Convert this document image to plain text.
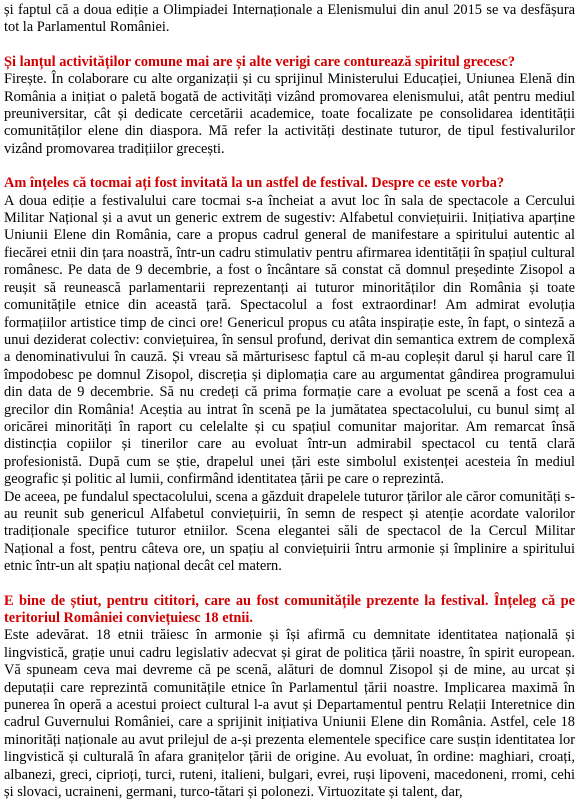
și faptul că a doua ediție a Olimpiadei Internaționale a Elenismului din anul 2015 se va desfășura tot la Parlamentul României.

Și lanțul activităților comune mai are și alte verigi care conturează spiritul grecesc?

Firește. În colaborare cu alte organizații și cu sprijinul Ministerului Educației, Uniunea Elenă din România a inițiat o paletă bogată de activități vizând promovarea elenismului, atât pentru mediul preuniversitar, cât și dedicate cercetării academice, toate focalizate pe consolidarea identității comunităților elene din diaspora. Mă refer la activități destinate tuturor, de tipul festivalurilor vizând promovarea tradițiilor grecești.

Am înțeles că tocmai ați fost invitată la un astfel de festival. Despre ce este vorba?

A doua ediție a festivalului care tocmai s-a încheiat a avut loc în sala de spectacole a Cercului Militar Național și a avut un generic extrem de sugestiv: Alfabetul conviețuirii. Inițiativa aparține Uniunii Elene din România, care a propus cadrul general de manifestare a spiritului autentic al fiecărei etnii din țara noastră, într-un cadru stimulativ pentru afirmarea identității în spațiul cultural românesc. Pe data de 9 decembrie, a fost o încântare să constat că domnul președinte Zisopol a reușit să reunească parlamentarii reprezentanți ai tuturor minorităților din România și toate comunitățile etnice din această țară. Spectacolul a fost extraordinar! Am admirat evoluția formațiilor artistice timp de cinci ore! Genericul propus cu atâta inspirație este, în fapt, o sinteză a unui deziderat colectiv: conviețuirea, în sensul profund, derivat din semantica extrem de complexă a denominativului în cauză. Și vreau să mărturisesc faptul că m-au copleșit darul și harul care îl împodobesc pe domnul Zisopol, discreția și diplomația care au argumentat gândirea programului din data de 9 decembrie. Să nu credeți că prima formație care a evoluat pe scenă a fost cea a grecilor din România! Aceștia au intrat în scenă pe la jumătatea spectacolului, cu bunul simț al oricărei minorități în raport cu celelalte și cu spațiul comunitar majoritar. Am remarcat însă distincția copiilor și tinerilor care au evoluat într-un admirabil spectacol cu tentă clară profesionistă. După cum se știe, drapelul unei țări este simbolul existenței acesteia în mediul geografic și politic al lumii, confirmând identitatea țării pe care o reprezintă.

De aceea, pe fundalul spectacolului, scena a găzduit drapelele tuturor țărilor ale căror comunități s-au reunit sub genericul Alfabetul conviețuirii, în semn de respect și atenție acordate valorilor tradiționale specifice tuturor etniilor. Scena elegantei săli de spectacol de la Cercul Militar Național a fost, pentru câteva ore, un spațiu al conviețuirii întru armonie și împlinire a spiritului etnic într-un alt spațiu național decât cel matern.

E bine de știut, pentru cititori, care au fost comunitățile prezente la festival. Înțeleg că pe teritoriul României conviețuiesc 18 etnii.

Este adevărat. 18 etnii trăiesc în armonie și își afirmă cu demnitate identitatea națională și lingvistică, grație unui cadru legislativ adecvat și girat de politica țării noastre, în spirit european. Vă spuneam ceva mai devreme că pe scenă, alături de domnul Zisopol și de mine, au urcat și deputații care reprezintă comunitățile etnice în Parlamentul țării noastre. Implicarea maximă în punerea în operă a acestui proiect cultural l-a avut și Departamentul pentru Relații Interetnice din cadrul Guvernului României, care a sprijinit inițiativa Uniunii Elene din România. Astfel, cele 18 minorități naționale au avut prilejul de a-și prezenta elementele specifice care susțin identitatea lor lingvistică și culturală în afara granițelor țării de origine. Au evoluat, în ordine: maghiari, croați, albanezi, greci, ciprioți, turci, ruteni, italieni, bulgari, evrei, ruși lipoveni, macedoneni, rromi, cehi și slovaci, ucraineni, germani, turco-tătari și polonezi. Virtuozitate și talent, dar,
